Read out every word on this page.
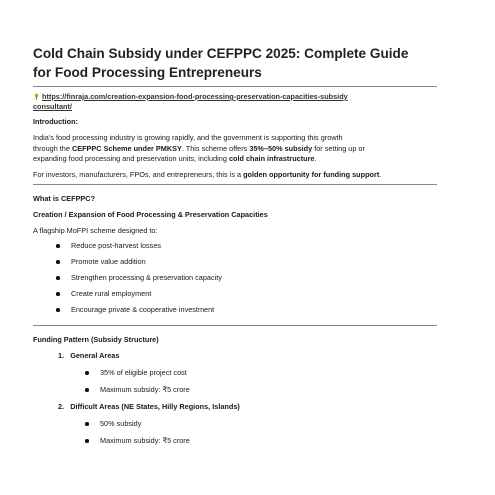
Cold Chain Subsidy under CEFPPC 2025: Complete Guide
for Food Processing Entrepreneurs
https://finraja.com/creation-expansion-food-processing-preservation-capacities-subsidy
consultant/
Introduction:
India’s food processing industry is growing rapidly, and the government is supporting this growth
through the CEFPPC Scheme under PMKSY. This scheme offers 35%–50% subsidy for setting up or
expanding food processing and preservation units, including cold chain infrastructure.
For investors, manufacturers, FPOs, and entrepreneurs, this is a golden opportunity for funding support.
What is CEFPPC?
Creation / Expansion of Food Processing & Preservation Capacities
A flagship MoFPI scheme designed to:
Reduce post-harvest losses
Promote value addition
Strengthen processing & preservation capacity
Create rural employment
Encourage private & cooperative investment
Funding Pattern (Subsidy Structure)
1. General Areas
35% of eligible project cost
Maximum subsidy: ₹5 crore
2. Difficult Areas (NE States, Hilly Regions, Islands)
50% subsidy
Maximum subsidy: ₹5 crore
